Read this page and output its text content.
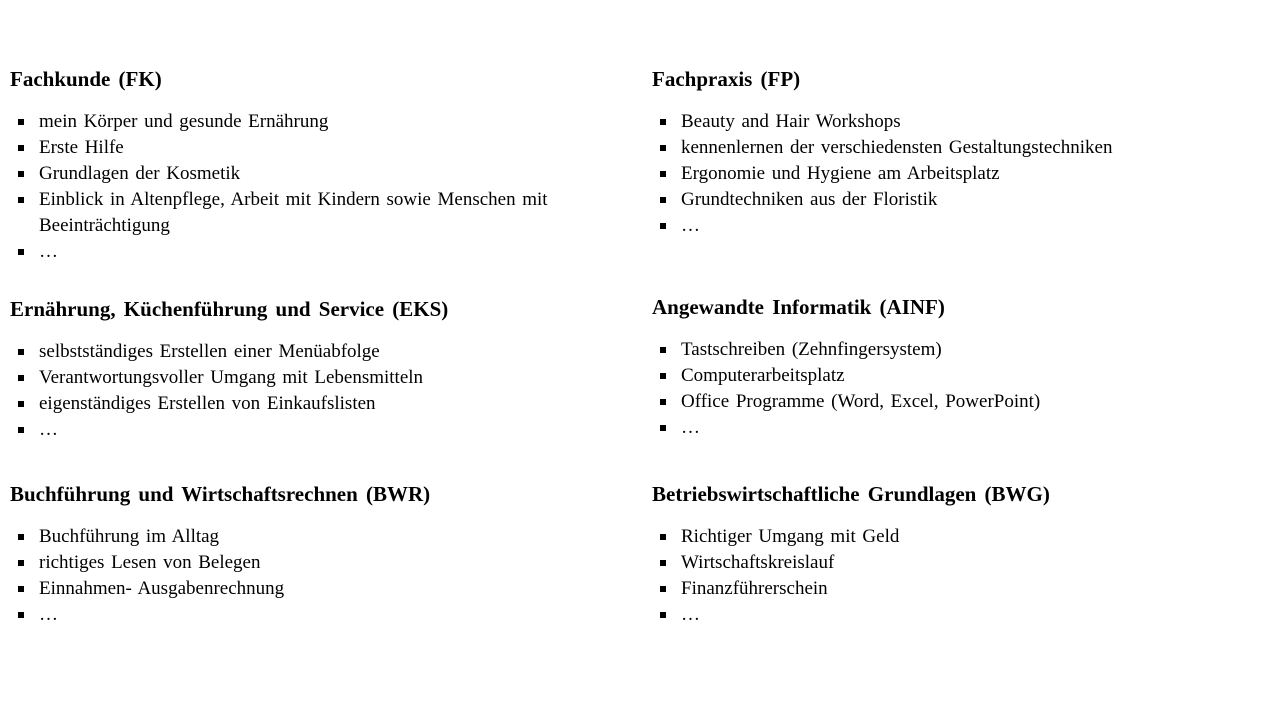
Fachkunde (FK)
mein Körper und gesunde Ernährung
Erste Hilfe
Grundlagen der Kosmetik
Einblick in Altenpflege, Arbeit mit Kindern sowie Menschen mit Beeinträchtigung
…
Ernährung, Küchenführung und Service (EKS)
selbstständiges Erstellen einer Menüabfolge
Verantwortungsvoller Umgang mit Lebensmitteln
eigenständiges Erstellen von Einkaufslisten
…
Buchführung und Wirtschaftsrechnen (BWR)
Buchführung im Alltag
richtiges Lesen von Belegen
Einnahmen- Ausgabenrechnung
…
Fachpraxis (FP)
Beauty and Hair Workshops
kennenlernen der verschiedensten Gestaltungstechniken
Ergonomie und Hygiene am Arbeitsplatz
Grundtechniken aus der Floristik
…
Angewandte Informatik (AINF)
Tastschreiben (Zehnfingersystem)
Computerarbeitsplatz
Office Programme (Word, Excel, PowerPoint)
…
Betriebswirtschaftliche Grundlagen (BWG)
Richtiger Umgang mit Geld
Wirtschaftskreislauf
Finanzführerschein
…
